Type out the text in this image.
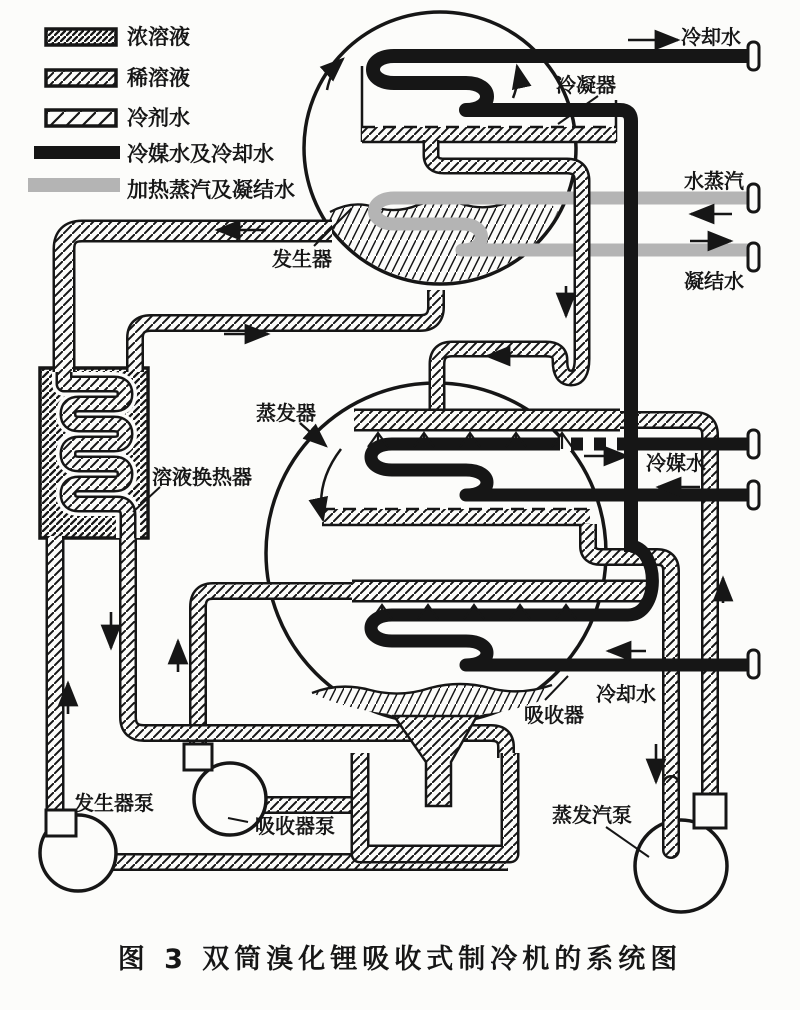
浓溶液
稀溶液
冷剂水
冷媒水及冷却水
加热蒸汽及凝结水
冷却水
水蒸汽
凝结水
冷凝器
发生器
溶液换热器
蒸发器
冷媒水
吸收器
冷却水
发生器泵
吸收器泵	蒸发汽泵
图 3 双筒溴化锂吸收式制冷机的系统图
